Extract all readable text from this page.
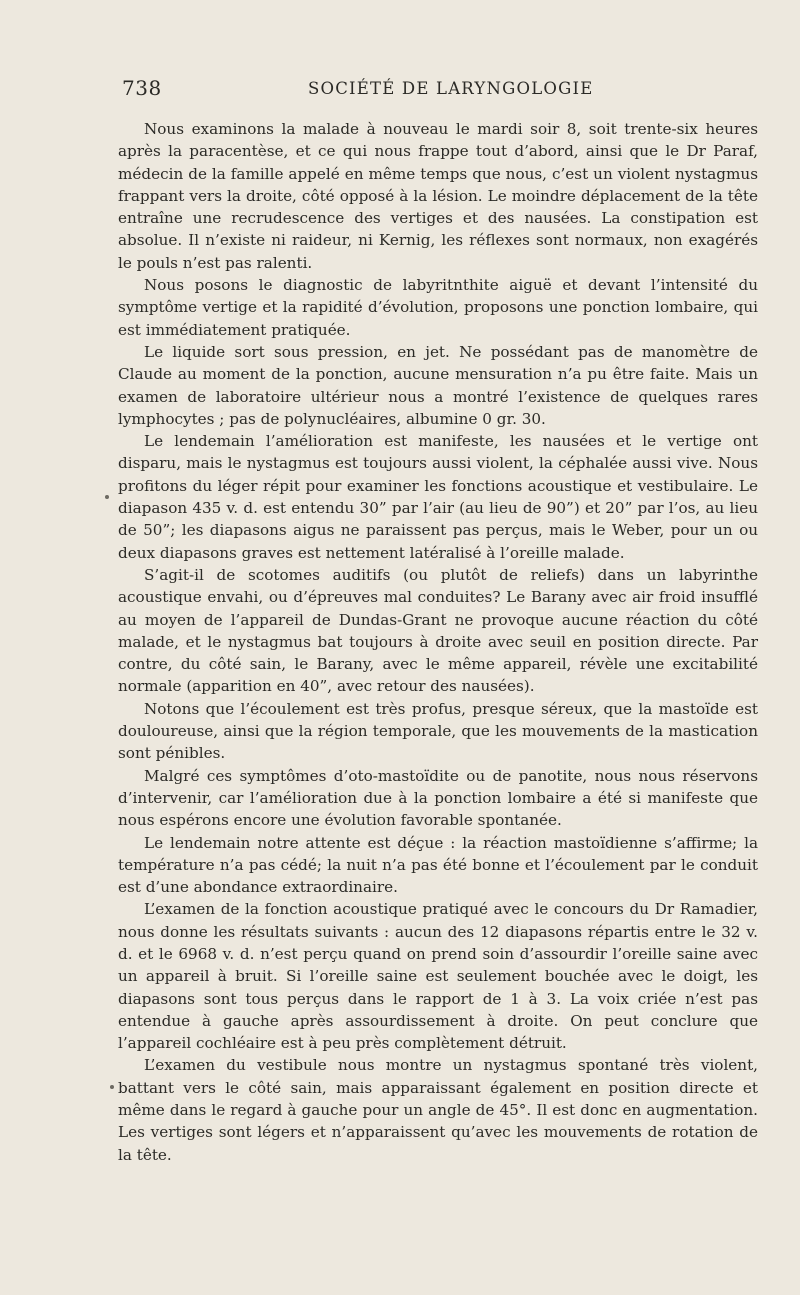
738	SOCIÉTÉ DE LARYNGOLOGIE

Nous examinons la malade à nouveau le mardi soir 8, soit trente-six heures après la paracentèse, et ce qui nous frappe tout d’abord, ainsi que le Dr Paraf, médecin de la famille appelé en même temps que nous, c’est un violent nystagmus frappant vers la droite, côté opposé à la lésion. Le moindre déplacement de la tête entraîne une recrudescence des vertiges et des nausées. La constipation est absolue. Il n’existe ni raideur, ni Kernig, les réflexes sont normaux, non exagérés le pouls n’est pas ralenti.

Nous posons le diagnostic de labyritnthite aiguë et devant l’intensité du symptôme vertige et la rapidité d’évolution, proposons une ponction lombaire, qui est immédiatement pratiquée.

Le liquide sort sous pression, en jet. Ne possédant pas de manomètre de Claude au moment de la ponction, aucune mensuration n’a pu être faite. Mais un examen de laboratoire ultérieur nous a montré l’existence de quelques rares lymphocytes ; pas de polynucléaires, albumine 0 gr. 30.

Le lendemain l’amélioration est manifeste, les nausées et le vertige ont disparu, mais le nystagmus est toujours aussi violent, la céphalée aussi vive. Nous profitons du léger répit pour examiner les fonctions acoustique et vestibulaire. Le diapason 435 v. d. est entendu 30” par l’air (au lieu de 90”) et 20” par l’os, au lieu de 50”; les diapasons aigus ne paraissent pas perçus, mais le Weber, pour un ou deux diapasons graves est nettement latéralisé à l’oreille malade.

S’agit-il de scotomes auditifs (ou plutôt de reliefs) dans un labyrinthe acoustique envahi, ou d’épreuves mal conduites? Le Barany avec air froid insufflé au moyen de l’appareil de Dundas-Grant ne provoque aucune réaction du côté malade, et le nystagmus bat toujours à droite avec seuil en position directe. Par contre, du côté sain, le Barany, avec le même appareil, révèle une excitabilité normale (apparition en 40”, avec retour des nausées).

Notons que l’écoulement est très profus, presque séreux, que la mastoïde est douloureuse, ainsi que la région temporale, que les mouvements de la mastication sont pénibles.

Malgré ces symptômes d’oto-mastoïdite ou de panotite, nous nous réservons d’intervenir, car l’amélioration due à la ponction lombaire a été si manifeste que nous espérons encore une évolution favorable spontanée.

Le lendemain notre attente est déçue : la réaction mastoïdienne s’affirme; la température n’a pas cédé; la nuit n’a pas été bonne et l’écoulement par le conduit est d’une abondance extraordinaire.

L’examen de la fonction acoustique pratiqué avec le concours du Dr Ramadier, nous donne les résultats suivants : aucun des 12 diapasons répartis entre le 32 v. d. et le 6968 v. d. n’est perçu quand on prend soin d’assourdir l’oreille saine avec un appareil à bruit. Si l’oreille saine est seulement bouchée avec le doigt, les diapasons sont tous perçus dans le rapport de 1 à 3. La voix criée n’est pas entendue à gauche après assourdissement à droite. On peut conclure que l’appareil cochléaire est à peu près complètement détruit.

L’examen du vestibule nous montre un nystagmus spontané très violent, battant vers le côté sain, mais apparaissant également en position directe et même dans le regard à gauche pour un angle de 45°. Il est donc en augmentation. Les vertiges sont légers et n’apparaissent qu’avec les mouvements de rotation de la tête.
